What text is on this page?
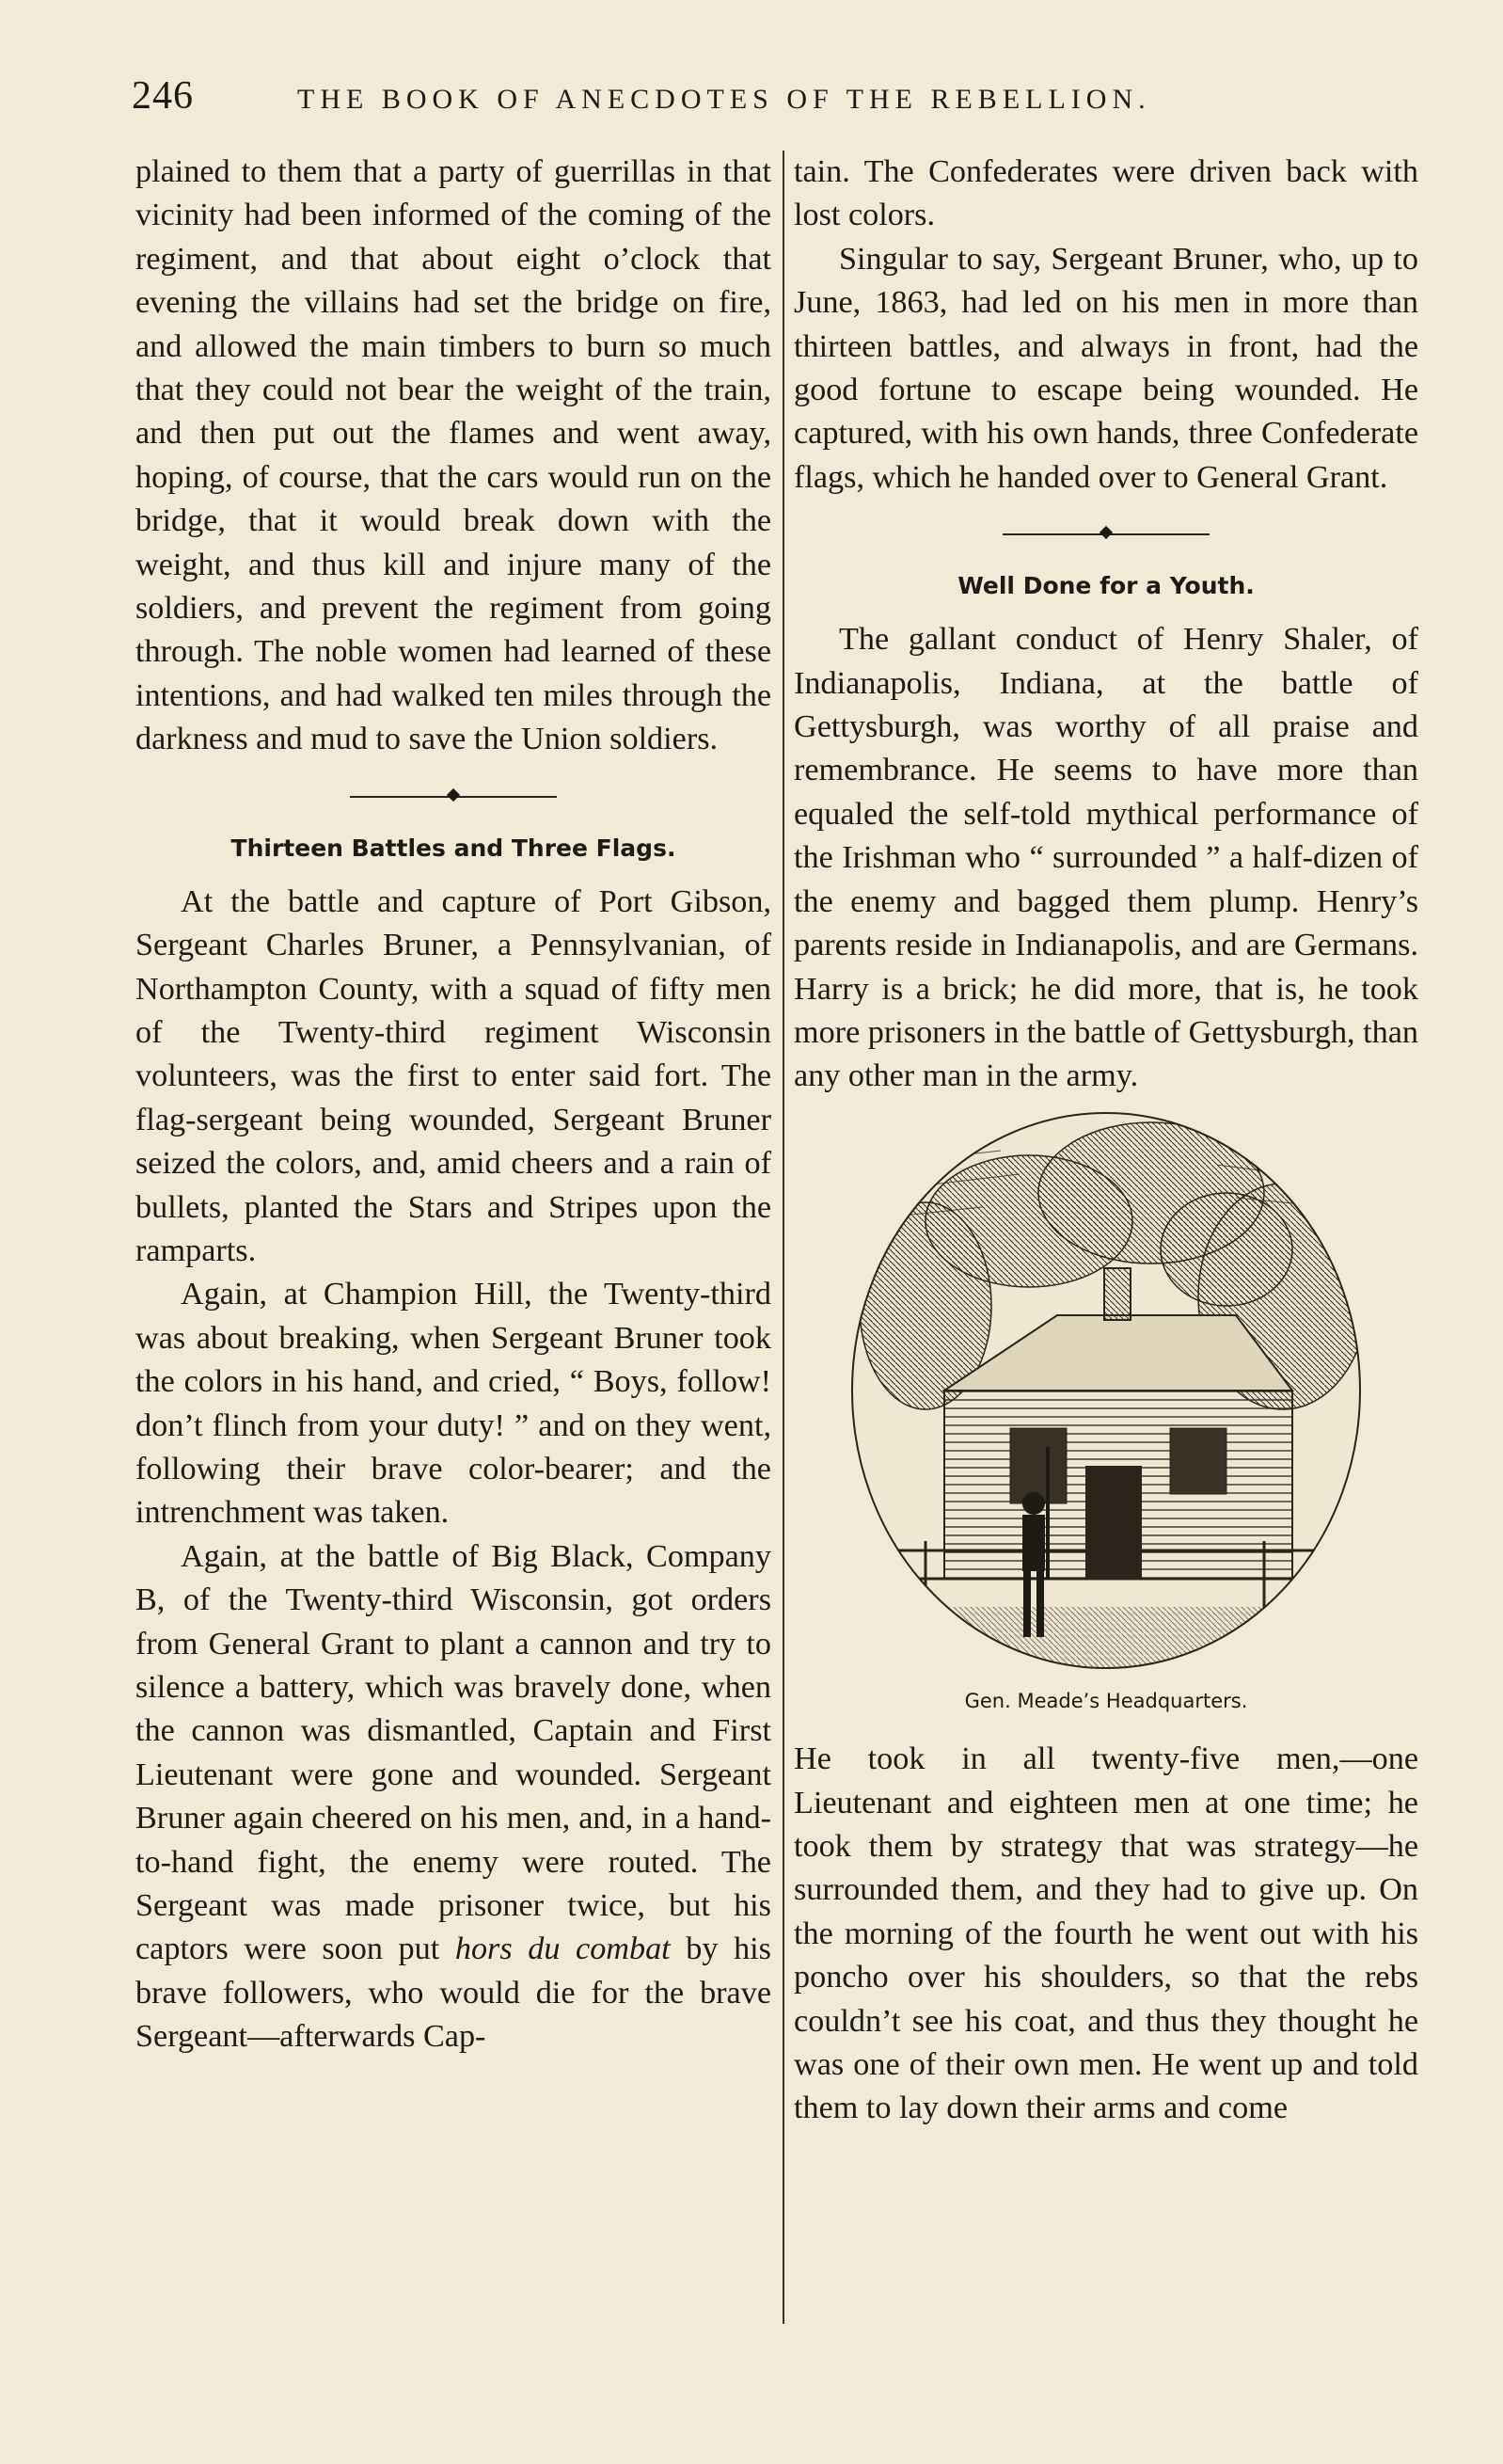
246	THE BOOK OF ANECDOTES OF THE REBELLION.

plained to them that a party of guerrillas in that vicinity had been informed of the coming of the regiment, and that about eight o’clock that evening the villains had set the bridge on fire, and allowed the main timbers to burn so much that they could not bear the weight of the train, and then put out the flames and went away, hoping, of course, that the cars would run on the bridge, that it would break down with the weight, and thus kill and injure many of the soldiers, and prevent the regiment from going through. The noble women had learned of these intentions, and had walked ten miles through the darkness and mud to save the Union soldiers.

Thirteen Battles and Three Flags.

At the battle and capture of Port Gibson, Sergeant Charles Bruner, a Pennsylvanian, of Northampton County, with a squad of fifty men of the Twenty-third regiment Wisconsin volunteers, was the first to enter said fort. The flag-sergeant being wounded, Sergeant Bruner seized the colors, and, amid cheers and a rain of bullets, planted the Stars and Stripes upon the ramparts.

Again, at Champion Hill, the Twenty-third was about breaking, when Sergeant Bruner took the colors in his hand, and cried, “ Boys, follow! don’t flinch from your duty! ” and on they went, following their brave color-bearer; and the intrenchment was taken.

Again, at the battle of Big Black, Company B, of the Twenty-third Wisconsin, got orders from General Grant to plant a cannon and try to silence a battery, which was bravely done, when the cannon was dismantled, Captain and First Lieutenant were gone and wounded. Sergeant Bruner again cheered on his men, and, in a hand-to-hand fight, the enemy were routed. The Sergeant was made prisoner twice, but his captors were soon put hors du combat by his brave followers, who would die for the brave Sergeant—afterwards Cap-

tain. The Confederates were driven back with lost colors.

Singular to say, Sergeant Bruner, who, up to June, 1863, had led on his men in more than thirteen battles, and always in front, had the good fortune to escape being wounded. He captured, with his own hands, three Confederate flags, which he handed over to General Grant.

Well Done for a Youth.

The gallant conduct of Henry Shaler, of Indianapolis, Indiana, at the battle of Gettysburgh, was worthy of all praise and remembrance. He seems to have more than equaled the self-told mythical performance of the Irishman who “ surrounded ” a half-dizen of the enemy and bagged them plump. Henry’s parents reside in Indianapolis, and are Germans. Harry is a brick; he did more, that is, he took more prisoners in the battle of Gettysburgh, than any other man in the army.

Gen. Meade’s Headquarters.

He took in all twenty-five men,—one Lieutenant and eighteen men at one time; he took them by strategy that was strategy—he surrounded them, and they had to give up. On the morning of the fourth he went out with his poncho over his shoulders, so that the rebs couldn’t see his coat, and thus they thought he was one of their own men. He went up and told them to lay down their arms and come
